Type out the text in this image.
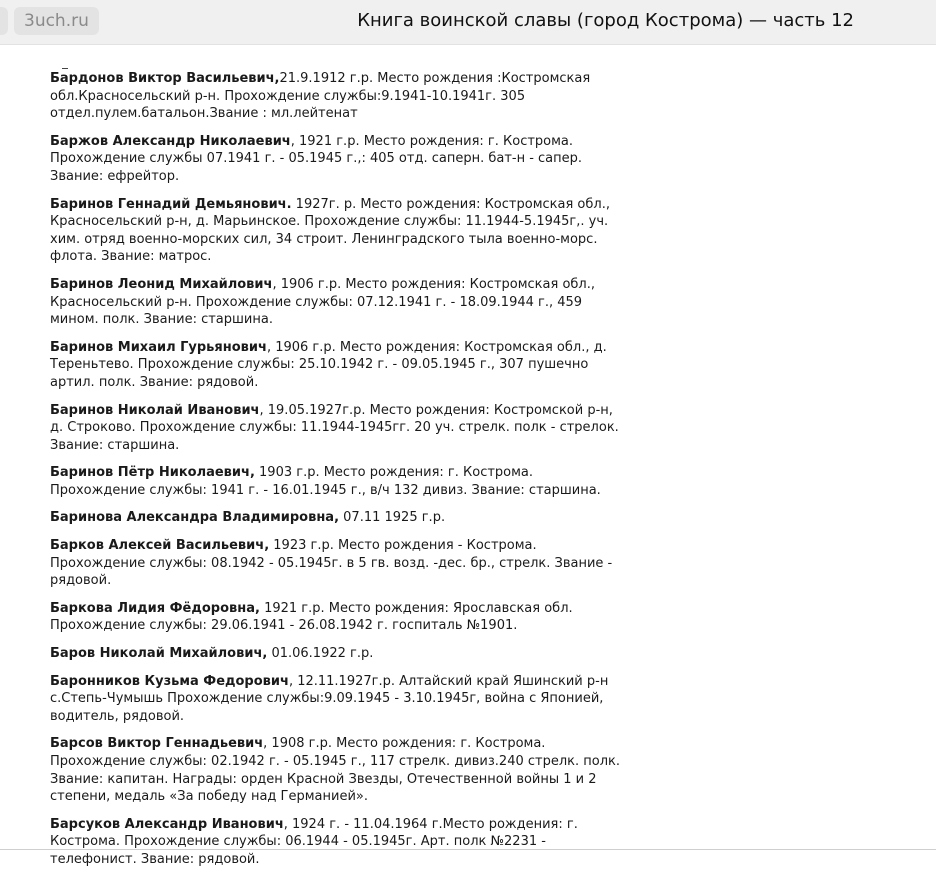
3uch.ru	Книга воинской славы (город Кострома) — часть 12

Бардонов Виктор Васильевич,21.9.1912 г.р. Место рождения :Костромская обл.Красносельский р-н. Прохождение службы:9.1941-10.1941г. 305 отдел.пулем.батальон.Звание : мл.лейтенат

Баржов Александр Николаевич, 1921 г.р. Место рождения: г. Кострома. Прохождение службы 07.1941 г. - 05.1945 г.,: 405 отд. саперн. бат-н - сапер. Звание: ефрейтор.

Баринов Геннадий Демьянович. 1927г. р. Место рождения: Костромская обл., Красносельский р-н, д. Марьинское. Прохождение службы: 11.1944-5.1945г,. уч. хим. отряд военно-морских сил, 34 строит. Ленинградского тыла военно-морс. флота. Звание: матрос.

Баринов Леонид Михайлович, 1906 г.р. Место рождения: Костромская обл., Красносельский р-н. Прохождение службы: 07.12.1941 г. - 18.09.1944 г., 459 мином. полк. Звание: старшина.

Баринов Михаил Гурьянович, 1906 г.р. Место рождения: Костромская обл., д. Тереньтево. Прохождение службы: 25.10.1942 г. - 09.05.1945 г., 307 пушечно артил. полк. Звание: рядовой.

Баринов Николай Иванович, 19.05.1927г.р. Место рождения: Костромской р-н, д. Строково. Прохождение службы: 11.1944-1945гг. 20 уч. стрелк. полк - стрелок. Звание: старшина.

Баринов Пётр Николаевич, 1903 г.р. Место рождения: г. Кострома. Прохождение службы: 1941 г. - 16.01.1945 г., в/ч 132 дивиз. Звание: старшина.

Баринова Александра Владимировна, 07.11 1925 г.р.

Барков Алексей Васильевич, 1923 г.р. Место рождения - Кострома. Прохождение службы: 08.1942 - 05.1945г. в 5 гв. возд. -дес. бр., стрелк. Звание - рядовой.

Баркова Лидия Фёдоровна, 1921 г.р. Место рождения: Ярославская обл. Прохождение службы: 29.06.1941 - 26.08.1942 г. госпиталь №1901.

Баров Николай Михайлович, 01.06.1922 г.р.

Баронников Кузьма Федорович, 12.11.1927г.р. Алтайский край Яшинский р-н с.Степь-Чумышь Прохождение службы:9.09.1945 - 3.10.1945г, война с Японией, водитель, рядовой.

Барсов Виктор Геннадьевич, 1908 г.р. Место рождения: г. Кострома. Прохождение службы: 02.1942 г. - 05.1945 г., 117 стрелк. дивиз.240 стрелк. полк. Звание: капитан. Награды: орден Красной Звезды, Отечественной войны 1 и 2 степени, медаль «За победу над Германией».

Барсуков Александр Иванович, 1924 г. - 11.04.1964 г.Место рождения: г. Кострома. Прохождение службы: 06.1944 - 05.1945г. Арт. полк №2231 - телефонист. Звание: рядовой.
